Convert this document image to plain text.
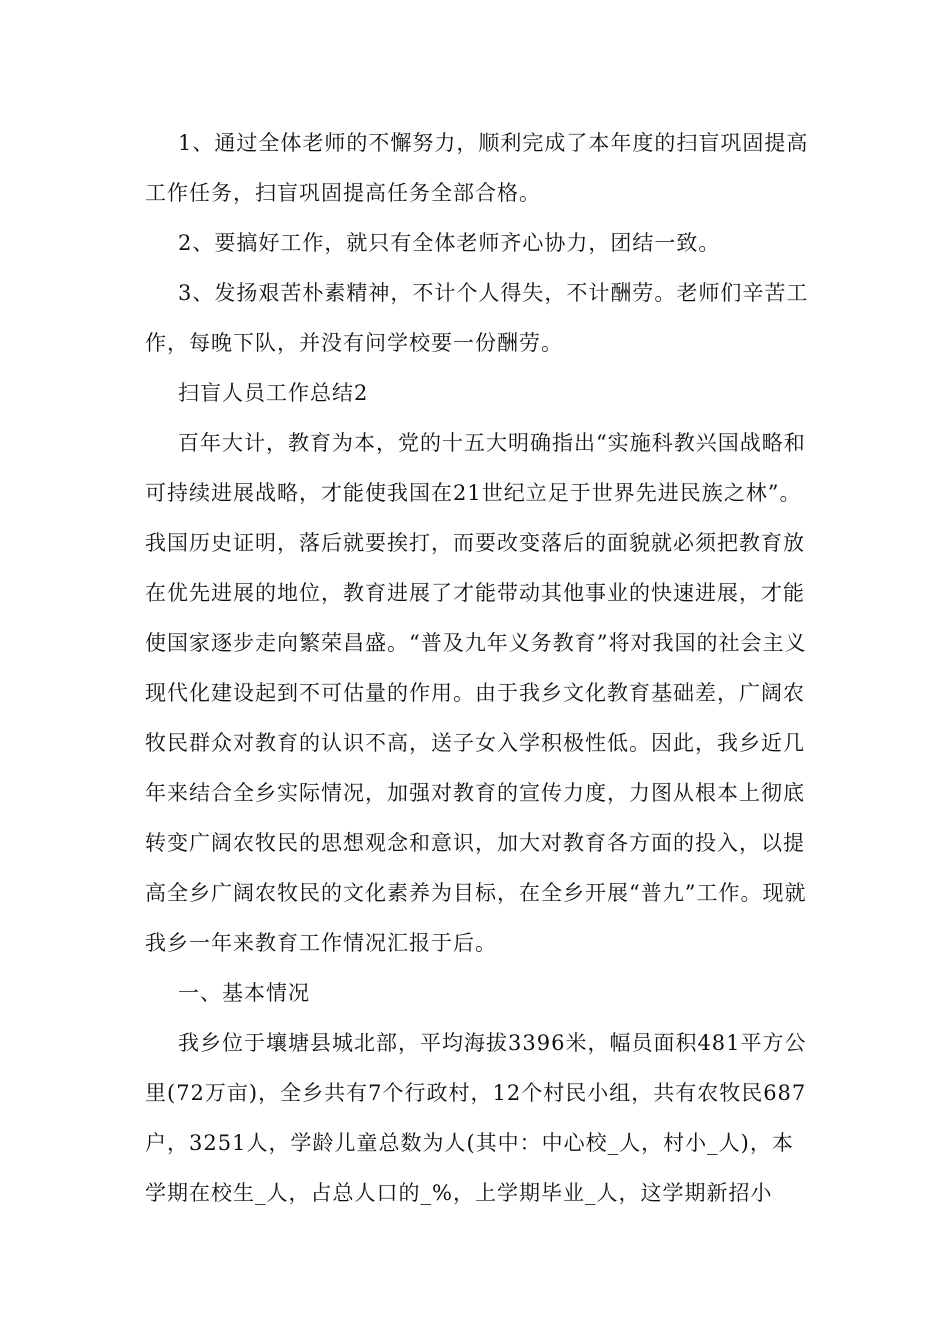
1、通过全体老师的不懈努力，顺利完成了本年度的扫盲巩固提高工作任务，扫盲巩固提高任务全部合格。

2、要搞好工作，就只有全体老师齐心协力，团结一致。

3、发扬艰苦朴素精神，不计个人得失，不计酬劳。老师们辛苦工作，每晚下队，并没有问学校要一份酬劳。

扫盲人员工作总结2

百年大计，教育为本，党的十五大明确指出“实施科教兴国战略和可持续进展战略，才能使我国在21世纪立足于世界先进民族之林”。我国历史证明，落后就要挨打，而要改变落后的面貌就必须把教育放在优先进展的地位，教育进展了才能带动其他事业的快速进展，才能使国家逐步走向繁荣昌盛。“普及九年义务教育”将对我国的社会主义现代化建设起到不可估量的作用。由于我乡文化教育基础差，广阔农牧民群众对教育的认识不高，送子女入学积极性低。因此，我乡近几年来结合全乡实际情况，加强对教育的宣传力度，力图从根本上彻底转变广阔农牧民的思想观念和意识，加大对教育各方面的投入，以提高全乡广阔农牧民的文化素养为目标，在全乡开展“普九”工作。现就我乡一年来教育工作情况汇报于后。

一、基本情况

我乡位于壤塘县城北部，平均海拔3396米，幅员面积481平方公里(72万亩)，全乡共有7个行政村，12个村民小组，共有农牧民687户，3251人，学龄儿童总数为人(其中：中心校_人，村小_人)，本学期在校生_人，占总人口的_%，上学期毕业_人，这学期新招小
